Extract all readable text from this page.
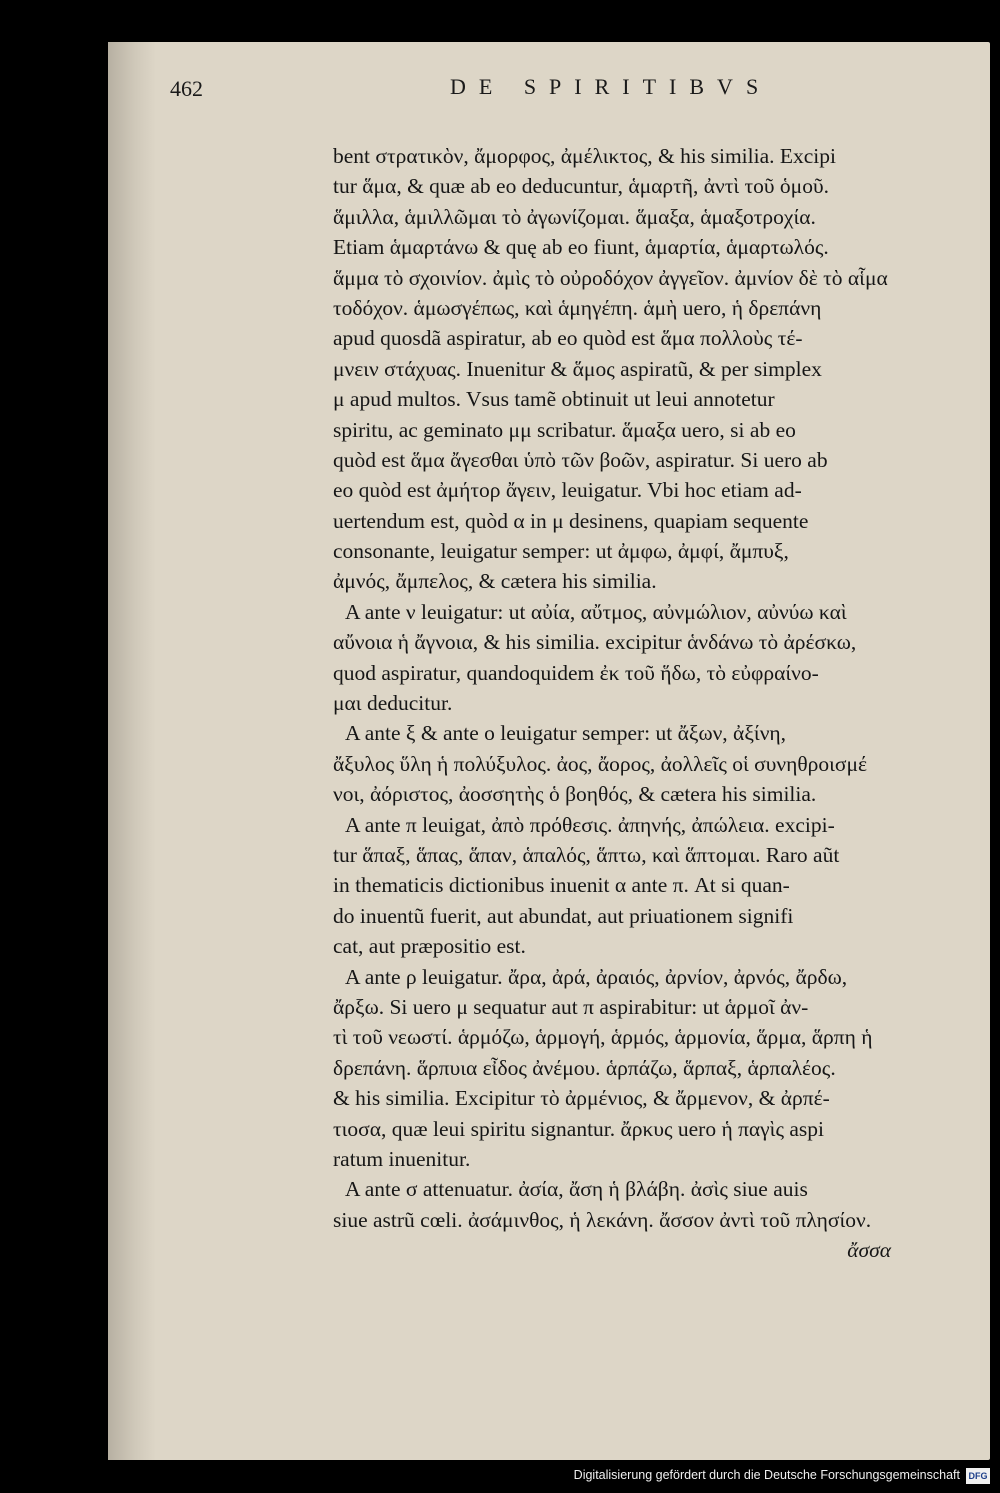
462	DE SPIRITIBVS
bent στρατικὸν, ἄμορφος, ἀμέλικτος, & his similia. Excipi
tur ἅμα, & quæ ab eo deducuntur, ἁμαρτῆ, ἀντὶ τοῦ ὁμοῦ.
ἅμιλλα, ἁμιλλῶμαι τὸ ἀγωνίζομαι. ἅμαξα, ἁμαξοτροχία.
Etiam ἁμαρτάνω & quę ab eo fiunt, ἁμαρτία, ἁμαρτωλός.
ἅμμα τὸ σχοινίον. ἀμὶς τὸ οὐροδόχον ἀγγεῖον. ἀμνίον δὲ τὸ αἷμα
τοδόχον. ἁμωσγέπως, καὶ ἁμηγέπη. ἁμὴ uero, ἡ δρεπάνη
apud quosdã aspiratur, ab eo quòd est ἅμα πολλοὺς τέ-
μνειν στάχυας. Inuenitur & ἅμος aspiratũ, & per simplex
μ apud multos. Vsus tamẽ obtinuit ut leui annotetur
spiritu, ac geminato μμ scribatur. ἅμαξα uero, si ab eo
quòd est ἅμα ἄγεσθαι ὑπὸ τῶν βοῶν, aspiratur. Si uero ab
eo quòd est ἀμήτορ ἄγειν, leuigatur. Vbi hoc etiam ad-
uertendum est, quòd α in μ desinens, quapiam sequente
consonante, leuigatur semper: ut ἀμφω, ἀμφί, ἄμπυξ,
ἀμνός, ἄμπελος, & cætera his similia.
A ante ν leuigatur: ut αὐία, αὔτμος, αὐνμώλιον, αὐνύω καὶ
αὔνοια ἡ ἄγνοια, & his similia. excipitur ἁνδάνω τὸ ἀρέσκω,
quod aspiratur, quandoquidem ἐκ τοῦ ἥδω, τὸ εὐφραίνο-
μαι deducitur.
A ante ξ & ante ο leuigatur semper: ut ἄξων, ἀξίνη,
ἄξυλος ὕλη ἡ πολύξυλος. ἀος, ἄορος, ἀολλεῖς οἱ συνηθροισμέ
νοι, ἀόριστος, ἀοσσητὴς ὁ βοηθός, & cætera his similia.
A ante π leuigat, ἀπὸ πρόθεσις. ἀπηνής, ἀπώλεια. excipi-
tur ἅπαξ, ἅπας, ἅπαν, ἁπαλός, ἅπτω, καὶ ἅπτομαι. Raro aũt
in thematicis dictionibus inuenit α ante π. At si quan-
do inuentũ fuerit, aut abundat, aut priuationem signifi
cat, aut præpositio est.
A ante ρ leuigatur. ἄρα, ἀρά, ἀραιός, ἀρνίον, ἀρνός, ἄρδω,
ἄρξω. Si uero μ sequatur aut π aspirabitur: ut ἁρμοῖ ἀν-
τὶ τοῦ νεωστί. ἁρμόζω, ἁρμογή, ἁρμός, ἁρμονία, ἅρμα, ἅρπη ἡ
δρεπάνη. ἅρπυια εἶδος ἀνέμου. ἁρπάζω, ἅρπαξ, ἁρπαλέος.
& his similia. Excipitur τὸ ἀρμένιος, & ἄρμενον, & ἀρπέ-
τιοσα, quæ leui spiritu signantur. ἄρκυς uero ἡ παγὶς aspi
ratum inuenitur.
A ante σ attenuatur. ἀσία, ἄση ἡ βλάβη. ἀσὶς siue auis
siue astrũ cœli. ἀσάμινθος, ἡ λεκάνη. ἄσσον ἀντὶ τοῦ πλησίον.
ἄσσα
Digitalisierung gefördert durch die Deutsche Forschungsgemeinschaft DFG
